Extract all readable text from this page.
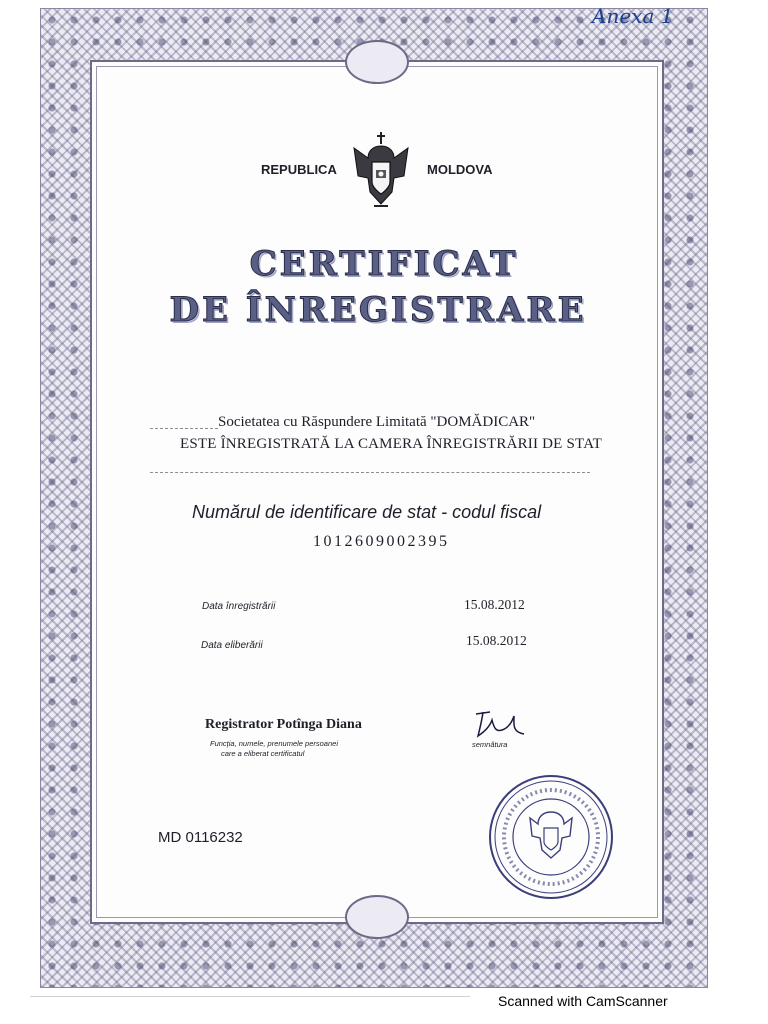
Anexa 1
REPUBLICA	MOLDOVA
CERTIFICAT
DE ÎNREGISTRARE
Societatea cu Răspundere Limitată "DOMĂDICAR"
ESTE ÎNREGISTRATĂ LA CAMERA ÎNREGISTRĂRII DE STAT
Numărul de identificare de stat - codul fiscal
1012609002395
Data înregistrării	15.08.2012
Data eliberării	15.08.2012
Registrator Potînga Diana
Funcţia, numele, prenumele persoanei
care a eliberat certificatul
semnătura
MD 0116232
Scanned with CamScanner
